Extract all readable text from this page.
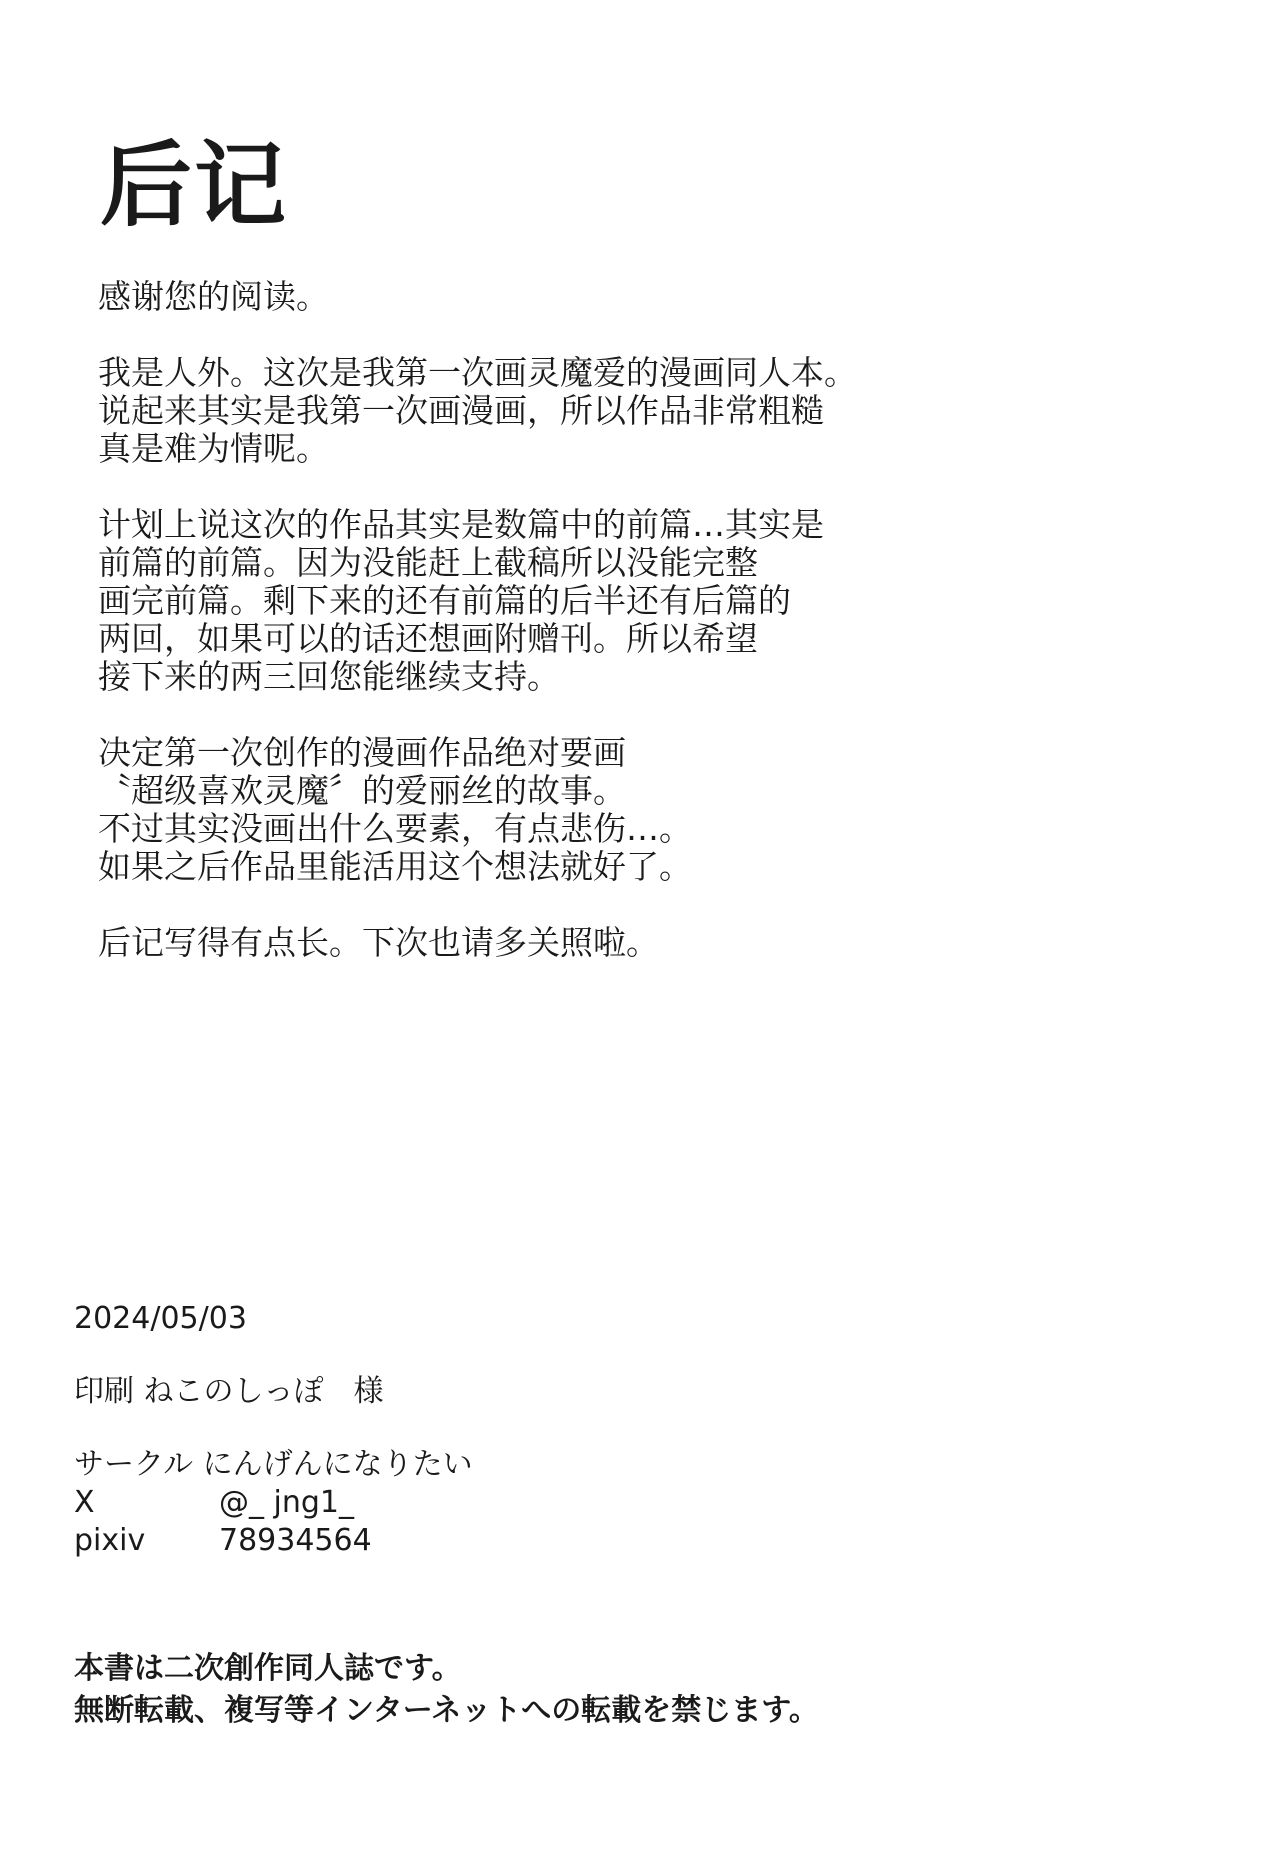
后记
感谢您的阅读。
我是人外。这次是我第一次画灵魔爱的漫画同人本。
说起来其实是我第一次画漫画，所以作品非常粗糙
真是难为情呢。
计划上说这次的作品其实是数篇中的前篇…其实是
前篇的前篇。因为没能赶上截稿所以没能完整
画完前篇。剩下来的还有前篇的后半还有后篇的
两回，如果可以的话还想画附赠刊。所以希望
接下来的两三回您能继续支持。
决定第一次创作的漫画作品绝对要画
〝超级喜欢灵魔〞的爱丽丝的故事。
不过其实没画出什么要素，有点悲伤…。
如果之后作品里能活用这个想法就好了。
后记写得有点长。下次也请多关照啦。
2024/05/03
印刷 ねこのしっぽ　様
サークル にんげんになりたい
X	@_ jng1_
pixiv	78934564
本書は二次創作同人誌です。
無断転載、複写等インターネットへの転載を禁じます。
